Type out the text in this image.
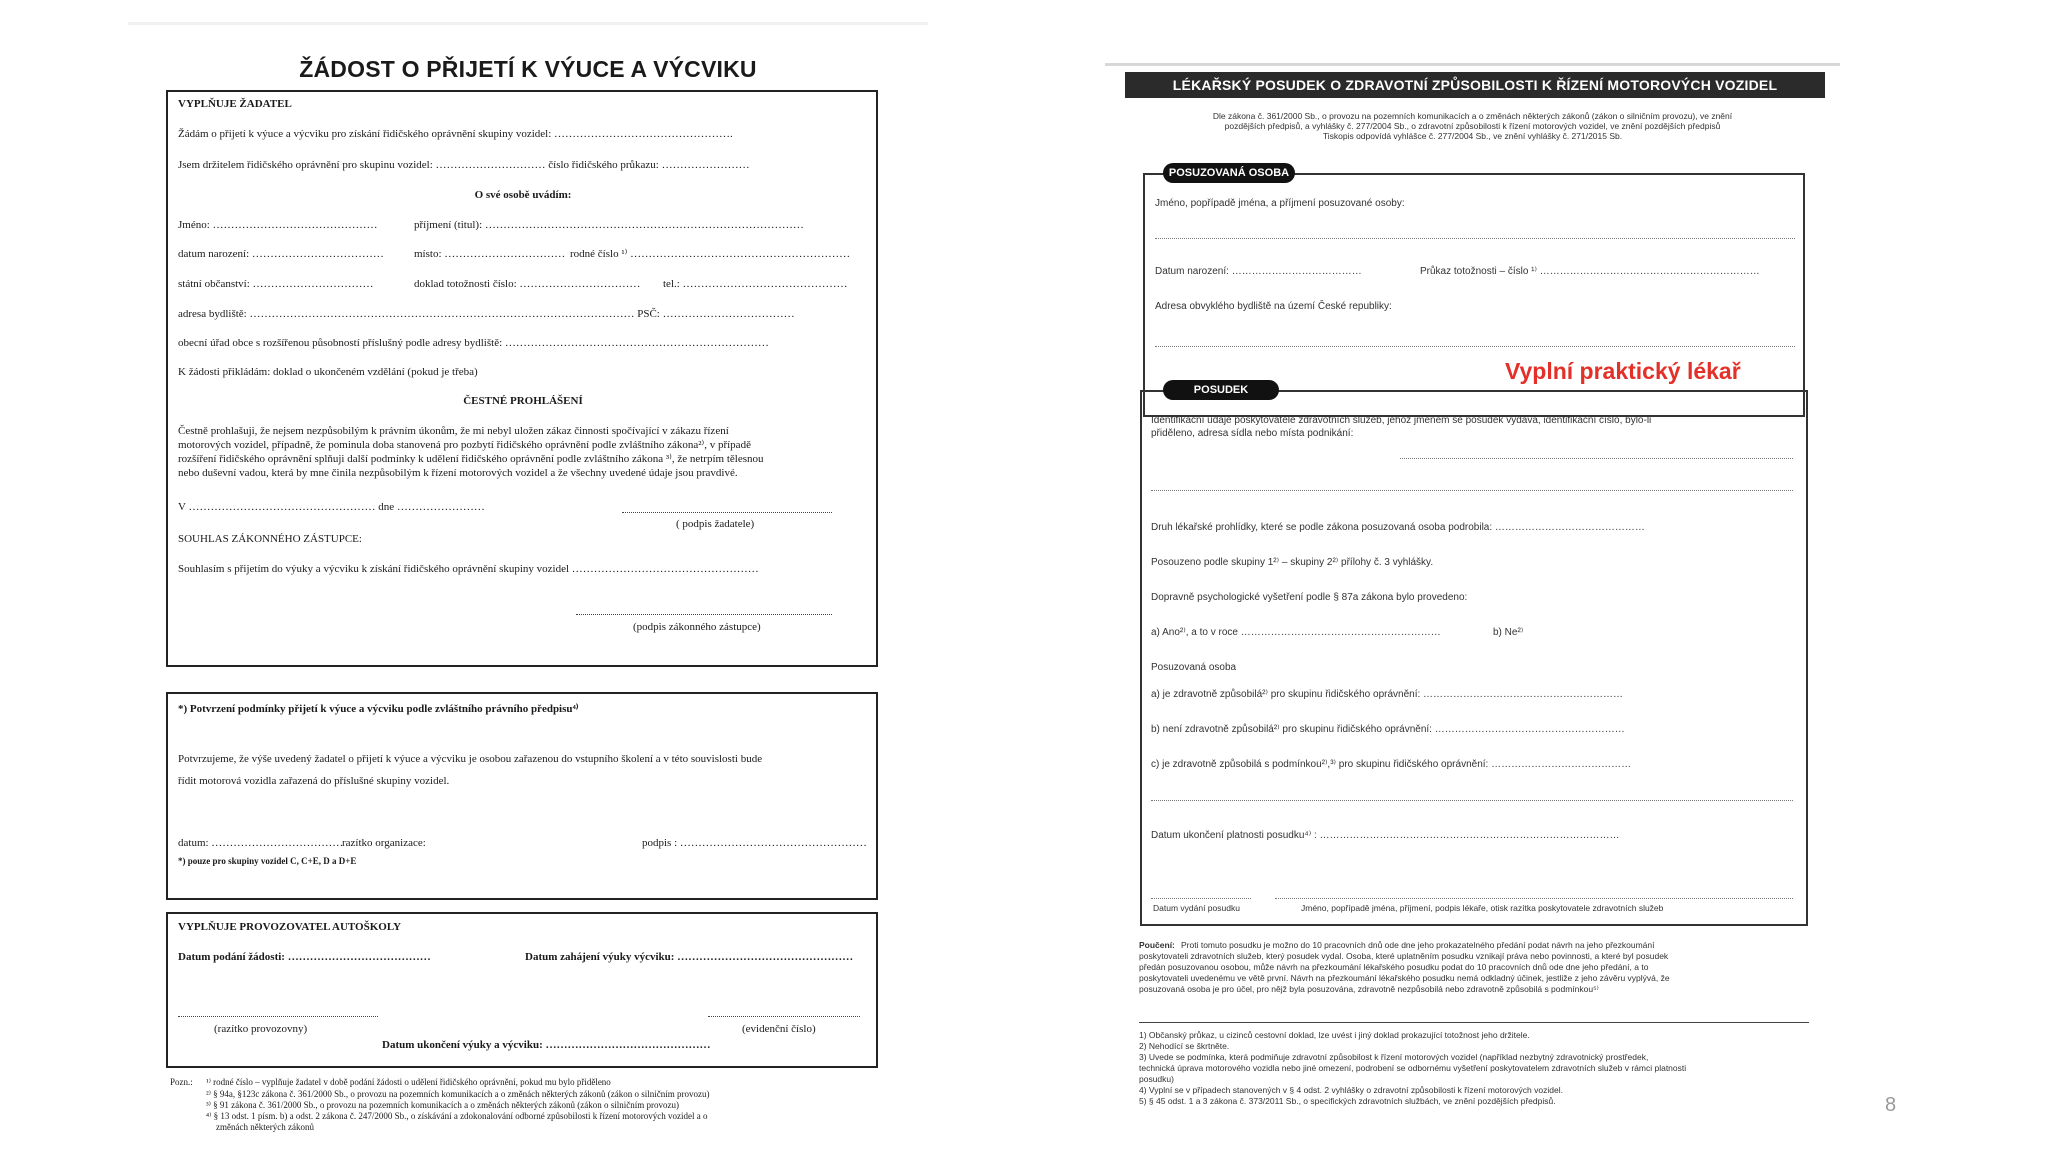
ŽÁDOST O PŘIJETÍ K VÝUCE A VÝCVIKU
VYPLŇUJE ŽADATEL
Žádám o přijetí k výuce a výcviku pro získání řidičského oprávnění skupiny vozidel: ………………………………………….
Jsem držitelem řidičského oprávnění pro skupinu vozidel: ………………………… číslo řidičského průkazu: ……………………
O své osobě uvádím:
Jméno: ………………………………………	příjmení (titul): ……………………………………………………………………………
datum narození: ………………………………	místo: …………………………… rodné číslo ¹⁾ ……………………………………………………
státní občanství: ……………………………	doklad totožnosti číslo: …………………………… tel.: ………………………………………
adresa bydliště: …………………………………………………………………………………………… PSČ: ………………………………
obecní úřad obce s rozšířenou působností příslušný podle adresy bydliště: ………………………………………………………………
K žádosti přikládám: doklad o ukončeném vzdělání (pokud je třeba)
ČESTNÉ PROHLÁŠENÍ
Čestně prohlašuji, že nejsem nezpůsobilým k právním úkonům, že mi nebyl uložen zákaz činnosti spočívající v zákazu řízení
motorových vozidel, případně, že pominula doba stanovená pro pozbytí řidičského oprávnění podle zvláštního zákona²⁾, v případě
rozšíření řidičského oprávnění splňuji další podmínky k udělení řidičského oprávnění podle zvláštního zákona ³⁾, že netrpím tělesnou
nebo duševní vadou, která by mne činila nezpůsobilým k řízení motorových vozidel a že všechny uvedené údaje jsou pravdivé.
V …………………………………………… dne ……………………
( podpis žadatele)
SOUHLAS ZÁKONNÉHO ZÁSTUPCE:
Souhlasím s přijetím do výuky a výcviku k získání řidičského oprávnění skupiny vozidel ……………………………………………
(podpis zákonného zástupce)
*) Potvrzení podmínky přijetí k výuce a výcviku podle zvláštního právního předpisu⁴⁾
Potvrzujeme, že výše uvedený žadatel o přijetí k výuce a výcviku je osobou zařazenou do vstupního školení a v této souvislosti bude
řídit motorová vozidla zařazená do příslušné skupiny vozidel.
datum: ………………………………
razítko organizace:	podpis : ……………………………………………
*) pouze pro skupiny vozidel C, C+E, D a D+E
VYPLŇUJE PROVOZOVATEL AUTOŠKOLY
Datum podání žádosti: …………………………………	Datum zahájení výuky výcviku: …………………………………………
(razítko provozovny)	(evidenční číslo)
Datum ukončení výuky a výcviku: ………………………………………
Pozn.: ¹⁾ rodné číslo – vyplňuje žadatel v době podání žádosti o udělení řidičského oprávnění, pokud mu bylo přiděleno
²⁾ § 94a, §123c zákona č. 361/2000 Sb., o provozu na pozemních komunikacích a o změnách některých zákonů (zákon o silničním provozu)
³⁾ § 91 zákona č. 361/2000 Sb., o provozu na pozemních komunikacích a o změnách některých zákonů (zákon o silničním provozu)
⁴⁾ § 13 odst. 1 písm. b) a odst. 2 zákona č. 247/2000 Sb., o získávání a zdokonalování odborné způsobilosti k řízení motorových vozidel a o
změnách některých zákonů
LÉKAŘSKÝ POSUDEK O ZDRAVOTNÍ ZPŮSOBILOSTI K ŘÍZENÍ MOTOROVÝCH VOZIDEL
Dle zákona č. 361/2000 Sb., o provozu na pozemních komunikacích a o změnách některých zákonů (zákon o silničním provozu), ve znění
pozdějších předpisů, a vyhlášky č. 277/2004 Sb., o zdravotní způsobilosti k řízení motorových vozidel, ve znění pozdějších předpisů
Tiskopis odpovídá vyhlášce č. 277/2004 Sb., ve znění vyhlášky č. 271/2015 Sb.
POSUZOVANÁ OSOBA
Jméno, popřípadě jména, a příjmení posuzované osoby:
Datum narození: …………………………………	Průkaz totožnosti – číslo ¹⁾ …………………………………………………………
Adresa obvyklého bydliště na území České republiky:
Vyplní praktický lékař
POSUDEK
Identifikační údaje poskytovatele zdravotních služeb, jehož jménem se posudek vydává, identifikační číslo, bylo-li
přiděleno, adresa sídla nebo místa podnikání:
Druh lékařské prohlídky, které se podle zákona posuzovaná osoba podrobila: ………………………………………
Posouzeno podle skupiny 1²⁾ – skupiny 2²⁾ přílohy č. 3 vyhlášky.
Dopravně psychologické vyšetření podle § 87a zákona bylo provedeno:
a) Ano²⁾, a to v roce ……………………………………………………	b) Ne²⁾
Posuzovaná osoba
a) je zdravotně způsobilá²⁾ pro skupinu řidičského oprávnění: ……………………………………………………
b) není zdravotně způsobilá²⁾ pro skupinu řidičského oprávnění: …………………………………………………
c) je zdravotně způsobilá s podmínkou²⁾,³⁾ pro skupinu řidičského oprávnění: ……………………………………
Datum ukončení platnosti posudku⁴⁾ : ………………………………………………………………………………
Datum vydání posudku	Jméno, popřípadě jména, příjmení, podpis lékaře, otisk razítka poskytovatele zdravotních služeb
Poučení: Proti tomuto posudku je možno do 10 pracovních dnů ode dne jeho prokazatelného předání podat návrh na jeho přezkoumání
poskytovateli zdravotních služeb, který posudek vydal. Osoba, které uplatněním posudku vznikají práva nebo povinnosti, a které byl posudek
předán posuzovanou osobou, může návrh na přezkoumání lékařského posudku podat do 10 pracovních dnů ode dne jeho předání, a to
poskytovateli uvedenému ve větě první. Návrh na přezkoumání lékařského posudku nemá odkladný účinek, jestliže z jeho závěru vyplývá, že
posuzovaná osoba je pro účel, pro nějž byla posuzována, zdravotně nezpůsobilá nebo zdravotně způsobilá s podmínkou⁵⁾
1) Občanský průkaz, u cizinců cestovní doklad, lze uvést i jiný doklad prokazující totožnost jeho držitele.
2) Nehodící se škrtněte.
3) Uvede se podmínka, která podmiňuje zdravotní způsobilost k řízení motorových vozidel (například nezbytný zdravotnický prostředek,
technická úprava motorového vozidla nebo jiné omezení, podrobení se odbornému vyšetření poskytovatelem zdravotních služeb v rámci platnosti
posudku)
4) Vyplní se v případech stanovených v § 4 odst. 2 vyhlášky o zdravotní způsobilosti k řízení motorových vozidel.
5) § 45 odst. 1 a 3 zákona č. 373/2011 Sb., o specifických zdravotních službách, ve znění pozdějších předpisů.	8
